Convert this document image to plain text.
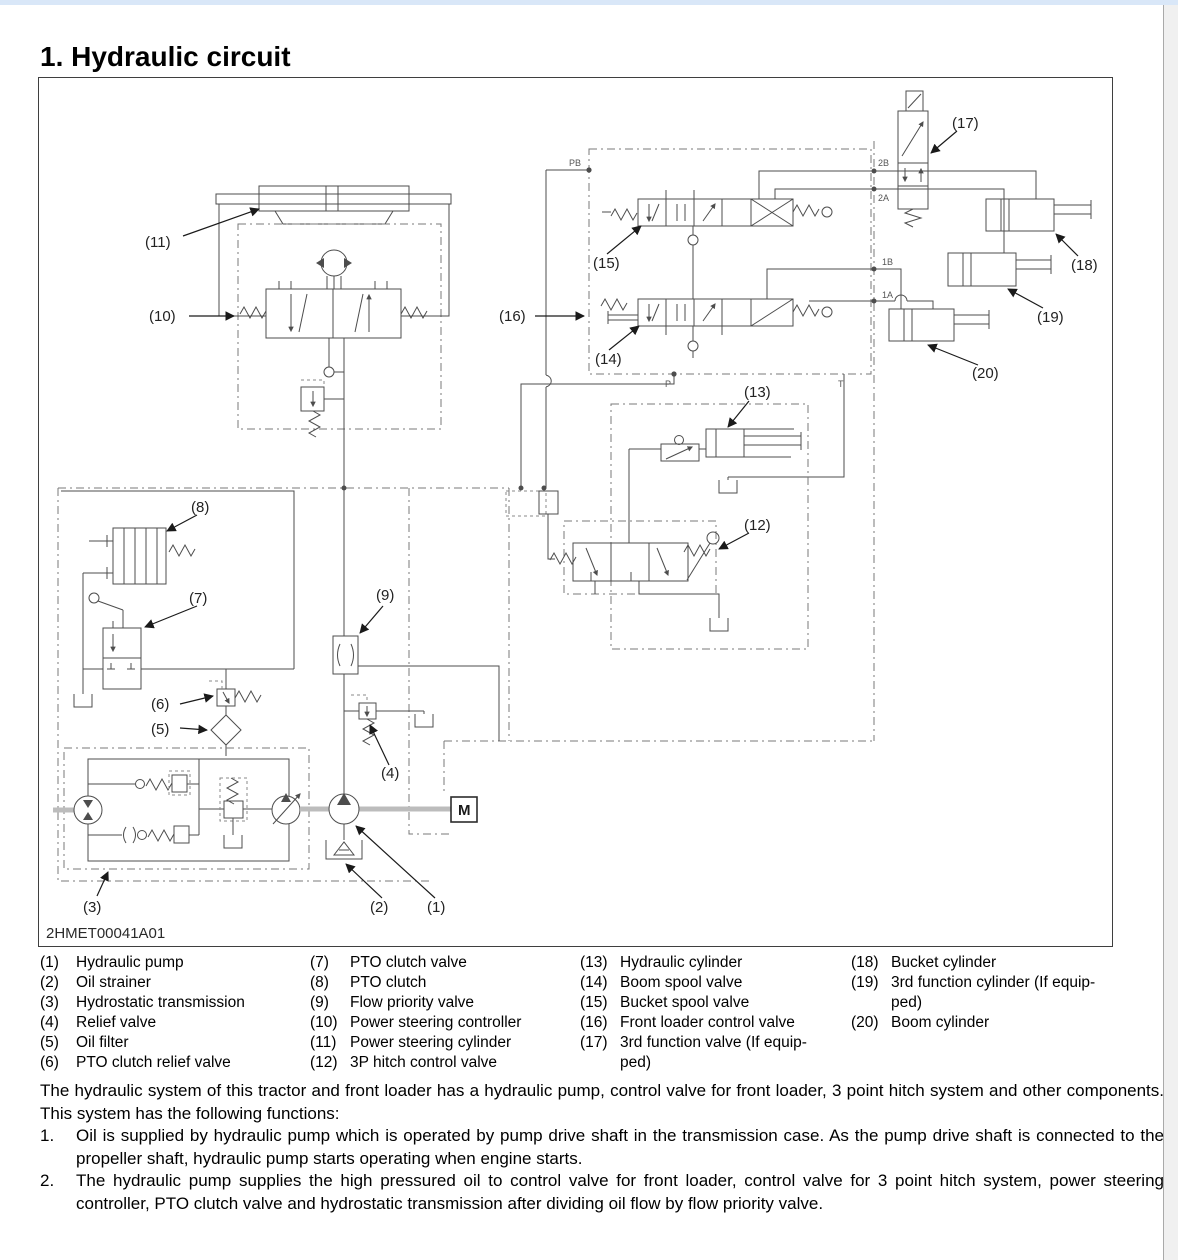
1. Hydraulic circuit
M
PB
P	T
2B
2A
1B
1A
(1)
(2)
(3)
(4)
(5)
(6)
(7)
(8)
(9)
(10)
(11)
(12)
(13)
(14)
(15)
(16)
(17)
(18)
(19)
(20)
2HMET00041A01
(1)	Hydraulic pump
(2)	Oil strainer
(3)	Hydrostatic transmission
(4)	Relief valve
(5)	Oil filter
(6)	PTO clutch relief valve
(7)	PTO clutch valve
(8)	PTO clutch
(9)	Flow priority valve
(10) Power steering controller
(11) Power steering cylinder
(12) 3P hitch control valve
(13) Hydraulic cylinder
(14) Boom spool valve
(15) Bucket spool valve
(16) Front loader control valve
(17) 3rd function valve (If equip-
ped)
(18) Bucket cylinder
(19) 3rd function cylinder (If equip-
ped)
(20) Boom cylinder
The hydraulic system of this tractor and front loader has a hydraulic pump, control valve for front loader, 3 point hitch system and other components. This system has the following functions:
1.	Oil is supplied by hydraulic pump which is operated by pump drive shaft in the transmission case. As the pump drive shaft is connected to the propeller shaft, hydraulic pump starts operating when engine starts.
2.	The hydraulic pump supplies the high pressured oil to control valve for front loader, control valve for 3 point hitch system, power steering controller, PTO clutch valve and hydrostatic transmission after dividing oil flow by flow priority valve.
